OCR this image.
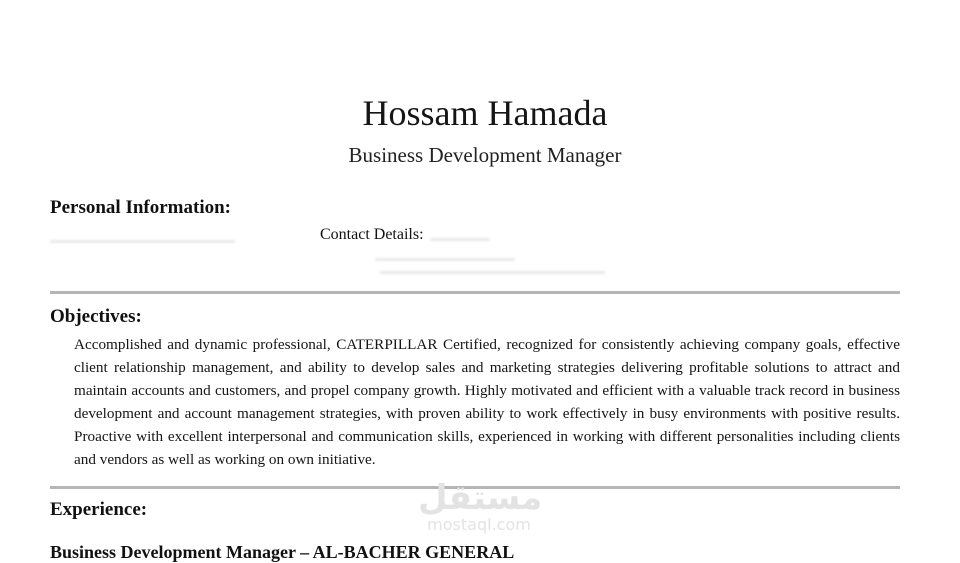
Hossam Hamada
Business Development Manager
Personal Information:
Contact Details:
Objectives:
Accomplished and dynamic professional, CATERPILLAR Certified, recognized for consistently achieving company goals, effective client relationship management, and ability to develop sales and marketing strategies delivering profitable solutions to attract and maintain accounts and customers, and propel company growth. Highly motivated and efficient with a valuable track record in business development and account management strategies, with proven ability to work effectively in busy environments with positive results. Proactive with excellent interpersonal and communication skills, experienced in working with different personalities including clients and vendors as well as working on own initiative.
Experience:	مستقل
mostaql.com
Business Development Manager – AL-BACHER GENERAL
